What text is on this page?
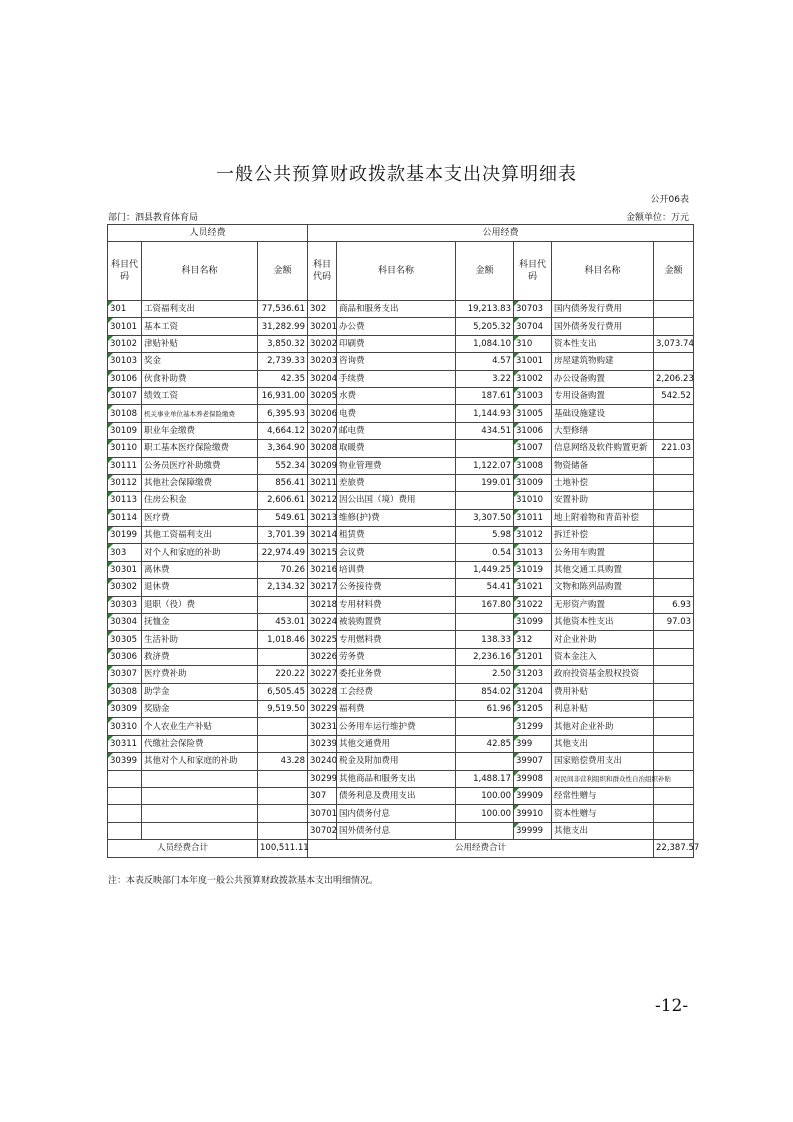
一般公共预算财政拨款基本支出决算明细表
公开06表
部门：泗县教育体育局	金额单位：万元
人员经费			公用经费					
科目代码	科目名称	金额	科目代码	科目名称	金额	科目代码	科目名称	金额
301	工资福利支出	77,536.61	302	商品和服务支出	19,213.83	30703	国内债务发行费用	
30101	基本工资	31,282.99	30201	办公费	5,205.32	30704	国外债务发行费用	
30102	津贴补贴	3,850.32	30202	印刷费	1,084.10	310	资本性支出	3,073.74
30103	奖金	2,739.33	30203	咨询费	4.57	31001	房屋建筑物购建	
30106	伙食补助费	42.35	30204	手续费	3.22	31002	办公设备购置	2,206.23
30107	绩效工资	16,931.00	30205	水费	187.61	31003	专用设备购置	542.52
30108	机关事业单位基本养老保险缴费	6,395.93	30206	电费	1,144.93	31005	基础设施建设	
30109	职业年金缴费	4,664.12	30207	邮电费	434.51	31006	大型修缮	
30110	职工基本医疗保险缴费	3,364.90	30208	取暖费		31007	信息网络及软件购置更新	221.03
30111	公务员医疗补助缴费	552.34	30209	物业管理费	1,122.07	31008	物资储备	
30112	其他社会保障缴费	856.41	30211	差旅费	199.01	31009	土地补偿	
30113	住房公积金	2,606.61	30212	因公出国（境）费用		31010	安置补助	
30114	医疗费	549.61	30213	维修(护)费	3,307.50	31011	地上附着物和青苗补偿	
30199	其他工资福利支出	3,701.39	30214	租赁费	5.98	31012	拆迁补偿	
303	对个人和家庭的补助	22,974.49	30215	会议费	0.54	31013	公务用车购置	
30301	离休费	70.26	30216	培训费	1,449.25	31019	其他交通工具购置	
30302	退休费	2,134.32	30217	公务接待费	54.41	31021	文物和陈列品购置	
30303	退职（役）费		30218	专用材料费	167.80	31022	无形资产购置	6.93
30304	抚恤金	453.01	30224	被装购置费		31099	其他资本性支出	97.03
30305	生活补助	1,018.46	30225	专用燃料费	138.33	312	对企业补助	
30306	救济费		30226	劳务费	2,236.16	31201	资本金注入	
30307	医疗费补助	220.22	30227	委托业务费	2.50	31203	政府投资基金股权投资	
30308	助学金	6,505.45	30228	工会经费	854.02	31204	费用补贴	
30309	奖励金	9,519.50	30229	福利费	61.96	31205	利息补贴	
30310	个人农业生产补贴		30231	公务用车运行维护费		31299	其他对企业补助	
30311	代缴社会保险费		30239	其他交通费用	42.85	399	其他支出	
30399	其他对个人和家庭的补助	43.28	30240	税金及附加费用		39907	国家赔偿费用支出	
			30299	其他商品和服务支出	1,488.17	39908	对民间非营利组织和群众性自治组织补贴	
			307	债务利息及费用支出	100.00	39909	经常性赠与	
			30701	国内债务付息	100.00	39910	资本性赠与	
			30702	国外债务付息		39999	其他支出	
人员经费合计		100,511.11	公用经费合计					22,387.57
注：本表反映部门本年度一般公共预算财政拨款基本支出明细情况。
-12-
